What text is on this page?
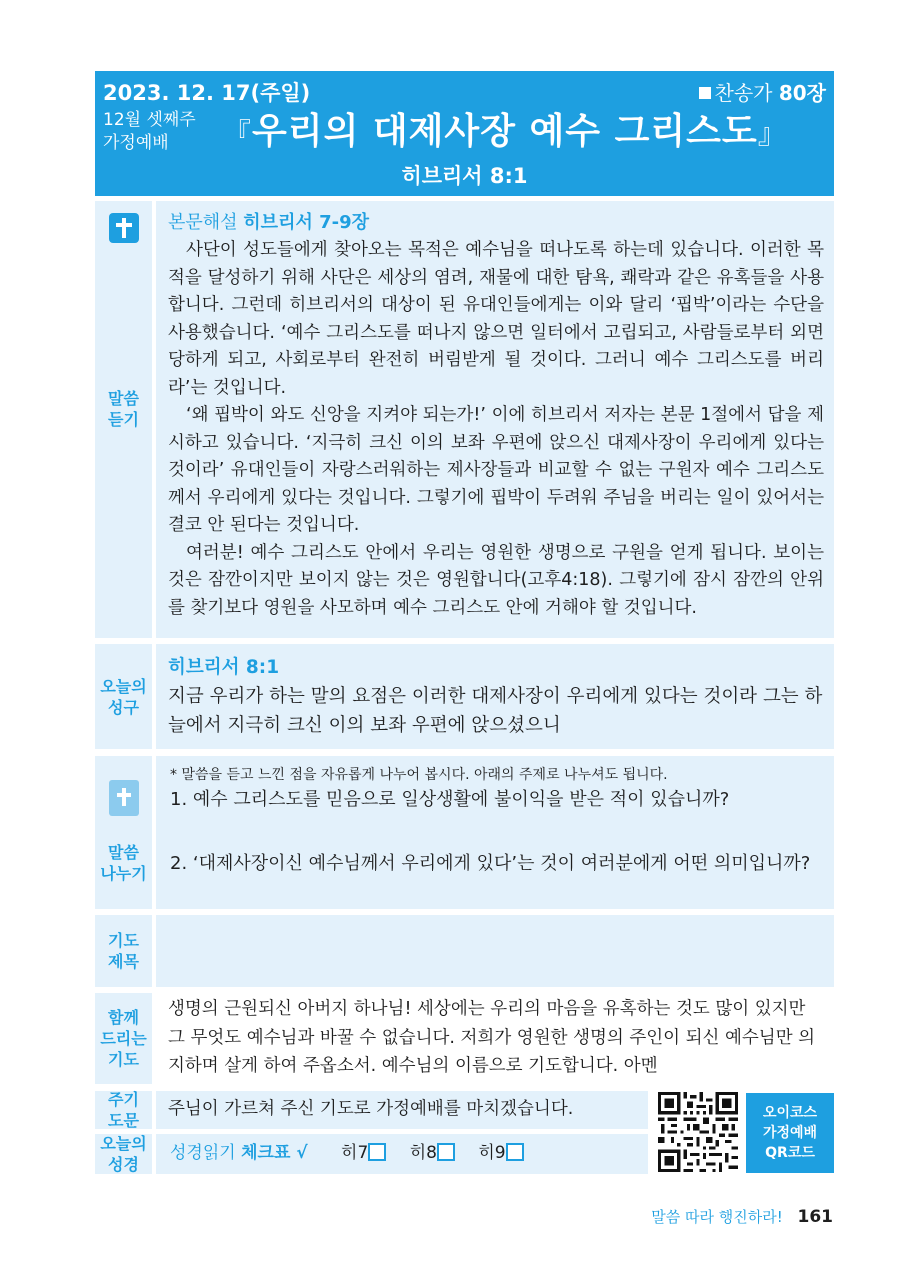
2023. 12. 17(주일)	찬송가 80장
12월 셋째주
가정예배	『우리의 대제사장 예수 그리스도』
히브리서 8:1
말씀
듣기
본문해설 히브리서 7-9장

사단이 성도들에게 찾아오는 목적은 예수님을 떠나도록 하는데 있습니다. 이러한 목적을 달성하기 위해 사단은 세상의 염려, 재물에 대한 탐욕, 쾌락과 같은 유혹들을 사용합니다. 그런데 히브리서의 대상이 된 유대인들에게는 이와 달리 ‘핍박’이라는 수단을 사용했습니다. ‘예수 그리스도를 떠나지 않으면 일터에서 고립되고, 사람들로부터 외면당하게 되고, 사회로부터 완전히 버림받게 될 것이다. 그러니 예수 그리스도를 버리라’는 것입니다.

‘왜 핍박이 와도 신앙을 지켜야 되는가!’ 이에 히브리서 저자는 본문 1절에서 답을 제시하고 있습니다. ‘지극히 크신 이의 보좌 우편에 앉으신 대제사장이 우리에게 있다는 것이라’ 유대인들이 자랑스러워하는 제사장들과 비교할 수 없는 구원자 예수 그리스도께서 우리에게 있다는 것입니다. 그렇기에 핍박이 두려워 주님을 버리는 일이 있어서는 결코 안 된다는 것입니다.

여러분! 예수 그리스도 안에서 우리는 영원한 생명으로 구원을 얻게 됩니다. 보이는 것은 잠깐이지만 보이지 않는 것은 영원합니다(고후4:18). 그렇기에 잠시 잠깐의 안위를 찾기보다 영원을 사모하며 예수 그리스도 안에 거해야 할 것입니다.

오늘의
성구
히브리서 8:1
지금 우리가 하는 말의 요점은 이러한 대제사장이 우리에게 있다는 것이라 그는 하늘에서 지극히 크신 이의 보좌 우편에 앉으셨으니
말씀
나누기
* 말씀을 듣고 느낀 점을 자유롭게 나누어 봅시다. 아래의 주제로 나누셔도 됩니다.
1. 예수 그리스도를 믿음으로 일상생활에 불이익을 받은 적이 있습니까?
2. ‘대제사장이신 예수님께서 우리에게 있다’는 것이 여러분에게 어떤 의미입니까?
기도
제목
함께
드리는
기도
생명의 근원되신 아버지 하나님! 세상에는 우리의 마음을 유혹하는 것도 많이 있지만 그 무엇도 예수님과 바꿀 수 없습니다. 저희가 영원한 생명의 주인이 되신 예수님만 의지하며 살게 하여 주옵소서. 예수님의 이름으로 기도합니다. 아멘
주기
도문
주님이 가르쳐 주신 기도로 가정예배를 마치겠습니다.
오늘의
성경
성경읽기 체크표 √ 히7 히8 히9
오이코스
가정예배
QR코드
말씀 따라 행진하라! 161
